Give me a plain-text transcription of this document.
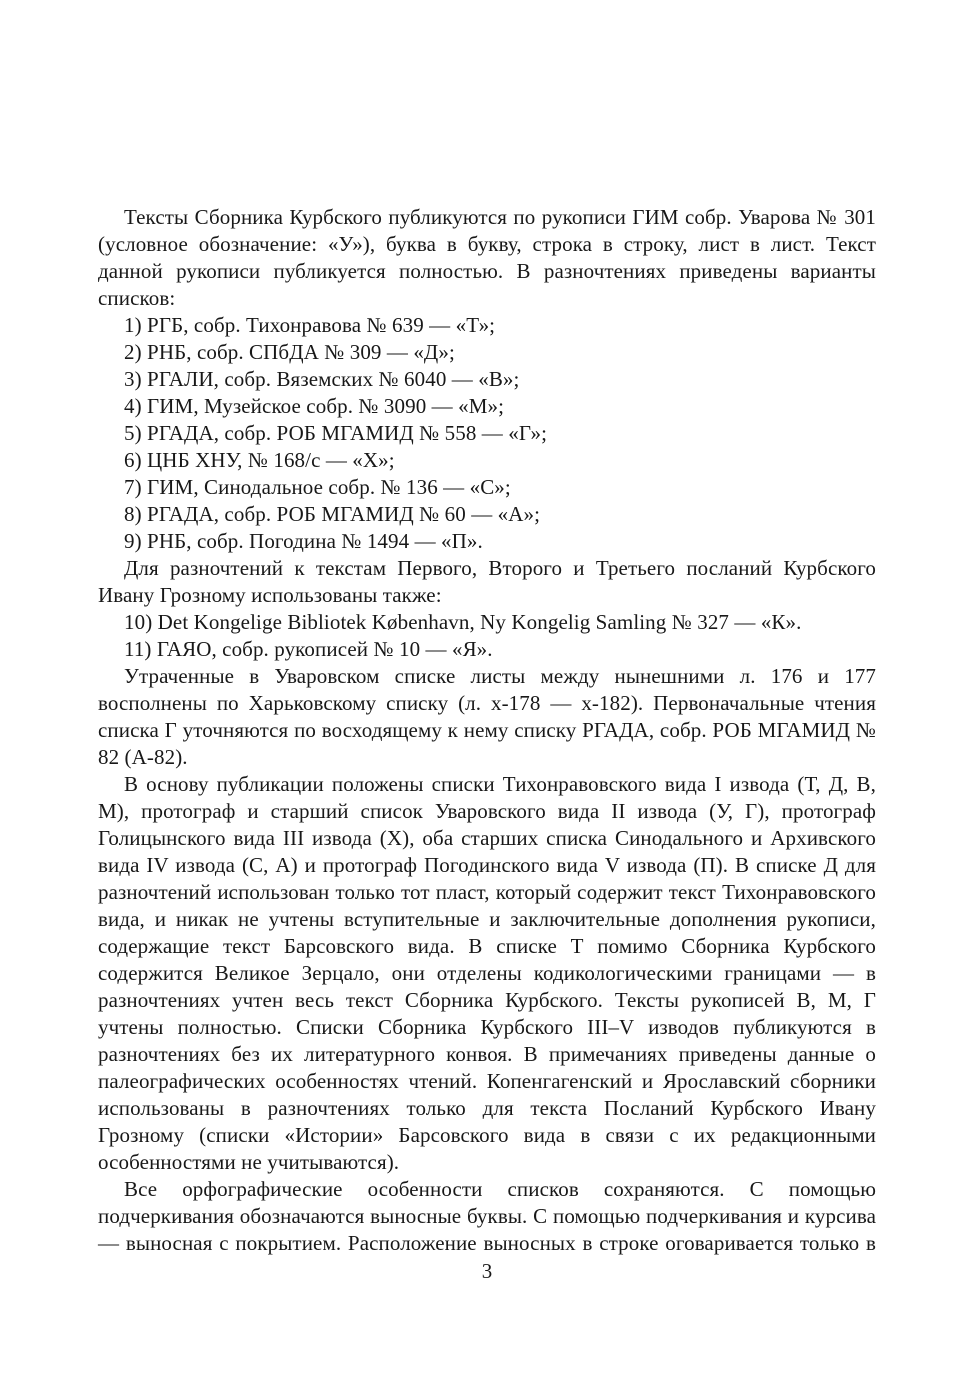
Тексты Сборника Курбского публикуются по рукописи ГИМ собр. Уварова № 301 (условное обозначение: «У»), буква в букву, строка в строку, лист в лист. Текст данной рукописи публикуется полностью. В разночтениях приведены варианты списков:

1) РГБ, собр. Тихонравова № 639 — «Т»;

2) РНБ, собр. СПбДА № 309 — «Д»;

3) РГАЛИ, собр. Вяземских № 6040 — «В»;

4) ГИМ, Музейское собр. № 3090 — «М»;

5) РГАДА, собр. РОБ МГАМИД № 558 — «Г»;

6) ЦНБ ХНУ, № 168/с — «Х»;

7) ГИМ, Синодальное собр. № 136 — «С»;

8) РГАДА, собр. РОБ МГАМИД № 60 — «А»;

9) РНБ, собр. Погодина № 1494 — «П».

Для разночтений к текстам Первого, Второго и Третьего посланий Курбского Ивану Грозному использованы также:

10) Det Kongelige Bibliotek København, Ny Kongelig Samling № 327 — «К».

11) ГАЯО, собр. рукописей № 10 — «Я».

Утраченные в Уваровском списке листы между нынешними л. 176 и 177 восполнены по Харьковскому списку (л. х-178 — х-182). Первоначальные чтения списка Г уточняются по восходящему к нему списку РГАДА, собр. РОБ МГАМИД № 82 (А-82).

В основу публикации положены списки Тихонравовского вида I извода (Т, Д, В, М), протограф и старший список Уваровского вида II извода (У, Г), протограф Голицынского вида III извода (Х), оба старших списка Синодального и Архивского вида IV извода (С, А) и протограф Погодинского вида V извода (П). В списке Д для разночтений использован только тот пласт, который содержит текст Тихонравовского вида, и никак не учтены вступительные и заключительные дополнения рукописи, содержащие текст Барсовского вида. В списке Т помимо Сборника Курбского содержится Великое Зерцало, они отделены кодикологическими границами — в разночтениях учтен весь текст Сборника Курбского. Тексты рукописей В, М, Г учтены полностью. Списки Сборника Курбского III–V изводов публикуются в разночтениях без их литературного конвоя. В примечаниях приведены данные о палеографических особенностях чтений. Копенгагенский и Ярославский сборники использованы в разночтениях только для текста Посланий Курбского Ивану Грозному (списки «Истории» Барсовского вида в связи с их редакционными особенностями не учитываются).

Все орфографические особенности списков сохраняются. С помощью подчеркивания обозначаются выносные буквы. С помощью подчеркивания и курсива — выносная с покрытием. Расположение выносных в строке оговаривается только в

3
